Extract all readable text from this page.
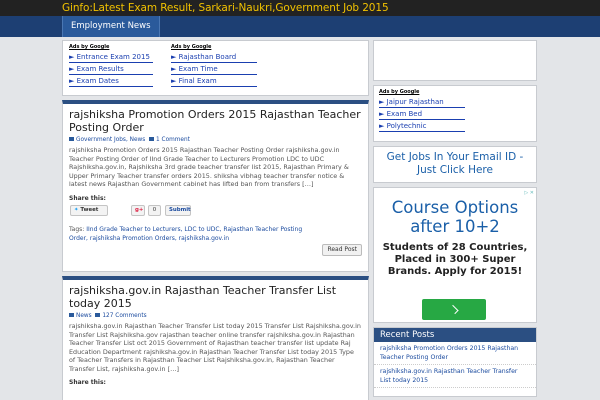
Ginfo:Latest Exam Result, Sarkari-Naukri,Government Job 2015
Employment News
Ads by Google
► Entrance Exam 2015
► Exam Results
► Exam Dates
Ads by Google
► Rajasthan Board
► Exam Time
► Final Exam
rajshiksha Promotion Orders 2015 Rajasthan Teacher Posting Order
Government Jobs, News 1 Comment
rajshiksha Promotion Orders 2015 Rajasthan Teacher Posting Order rajshiksha.gov.in Teacher Posting Order of IInd Grade Teacher to Lecturers Promotion LDC to UDC Rajshiksha.gov.in, Rajshiksha 3rd grade teacher transfer list 2015, Rajasthan Primary & Upper Primary Teacher transfer orders 2015. shiksha vibhag teacher transfer notice & latest news Rajasthan Government cabinet has lifted ban from transfers […]
Share this:
✦ Tweet	g+	0	Submit
Tags: IInd Grade Teacher to Lecturers, LDC to UDC, Rajasthan Teacher Posting Order, rajshiksha Promotion Orders, rajshiksha.gov.in
Read Post
rajshiksha.gov.in Rajasthan Teacher Transfer List today 2015
News 127 Comments
rajshiksha.gov.in Rajasthan Teacher Transfer List today 2015 Transfer List Rajshiksha.gov.in Transfer List Rajshiksha.gov rajasthan teacher online transfer rajshiksha.gov.in Rajasthan Teacher Transfer List oct 2015 Government of Rajasthan teacher transfer list update Raj Education Department rajshiksha.gov.in Rajasthan Teacher Transfer List today 2015 Type of Teacher Transfers in Rajasthan Teacher List Rajshiksha.gov.in, Rajasthan Teacher Transfer List, rajshiksha.gov.in […]
Share this:
Ads by Google
► Jaipur Rajasthan
► Exam Bed
► Polytechnic
Get Jobs In Your Email ID -
Just Click Here
▷ ✕
Course Options after 10+2
Students of 28 Countries, Placed in 300+ Super Brands. Apply for 2015!
Recent Posts
rajshiksha Promotion Orders 2015 Rajasthan Teacher Posting Order
rajshiksha.gov.in Rajasthan Teacher Transfer List today 2015
